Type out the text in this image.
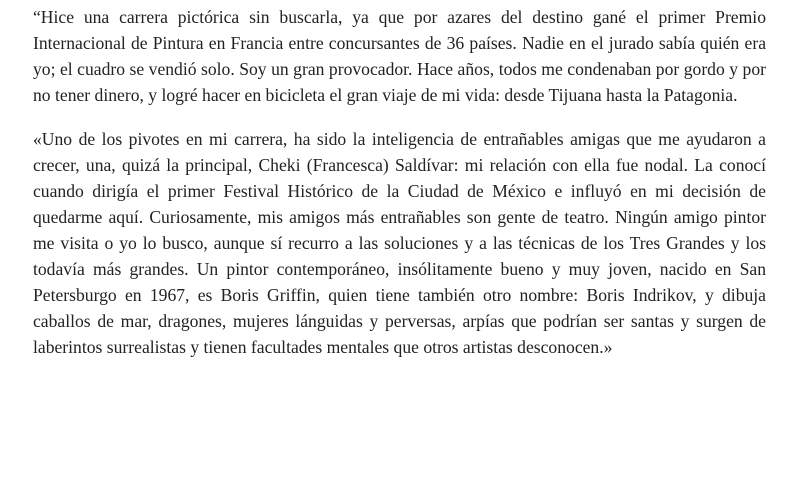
“Hice una carrera pictórica sin buscarla, ya que por azares del destino gané el primer Premio Internacional de Pintura en Francia entre concursantes de 36 países. Nadie en el jurado sabía quién era yo; el cuadro se vendió solo. Soy un gran provocador. Hace años, todos me condenaban por gordo y por no tener dinero, y logré hacer en bicicleta el gran viaje de mi vida: desde Tijuana hasta la Patagonia.

«Uno de los pivotes en mi carrera, ha sido la inteligencia de entrañables amigas que me ayudaron a crecer, una, quizá la principal, Cheki (Francesca) Saldívar: mi relación con ella fue nodal. La conocí cuando dirigía el primer Festival Histórico de la Ciudad de México e influyó en mi decisión de quedarme aquí. Curiosamente, mis amigos más entrañables son gente de teatro. Ningún amigo pintor me visita o yo lo busco, aunque sí recurro a las soluciones y a las técnicas de los Tres Grandes y los todavía más grandes. Un pintor contemporáneo, insólitamente bueno y muy joven, nacido en San Petersburgo en 1967, es Boris Griffin, quien tiene también otro nombre: Boris Indrikov, y dibuja caballos de mar, dragones, mujeres lánguidas y perversas, arpías que podrían ser santas y surgen de laberintos surrealistas y tienen facultades mentales que otros artistas desconocen.»
